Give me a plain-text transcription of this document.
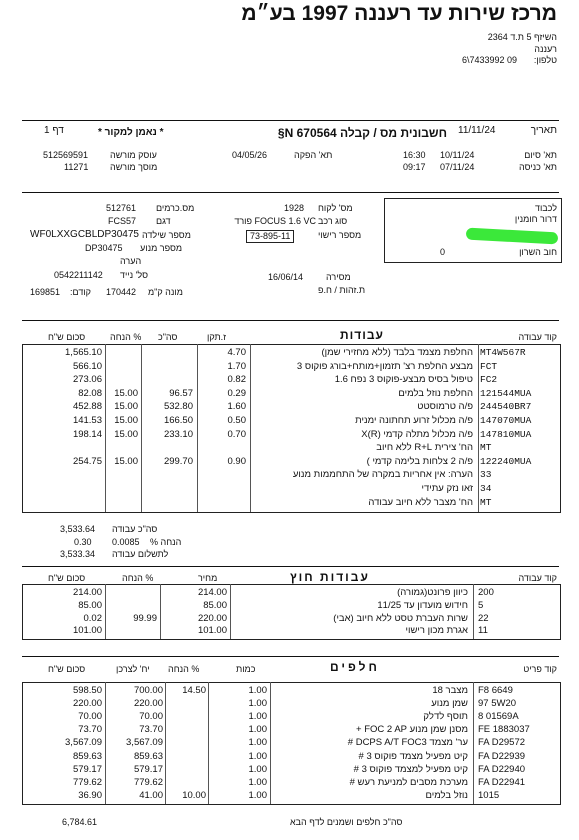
מרכז שירות עד רעננה 1997 בע״מ
השיזף 5 ת.ד 2364
רעננה
טלפון:
6\7433992 09
תאריך
11/11/24
חשבונית מס / קבלה 670564 N§
* נאמן למקור *
דף 1
תא' סיום
10/11/24
16:30
תא' כניסה
07/11/24
09:17
תא' הפקה
04/05/26
עוסק מורשה
512569591
מוסך מורשה
11271
לכבוד
דרור חומנין
חוב השרון
0
מס' לקוח
1928
סוג רכב
FOCUS 1.6 VC פורד
מספר רישוי
73-895-11
מס.כרמים
512761
דגם
FCS57
מספר שילדה
WF0LXXGCBLDP30475
מספר מנוע
DP30475
הערה
סל' נייד
0542211142
170442 מונה ק"מ
169851 קודם:
מסירה
16/06/14
ת.זהות / ח.פ
קוד עבודה
עבודות
ז.תקן
סה"כ
% הנחה
סכום ש"ח
MT4W567R
החלפת מצמד בלבד (ללא מחזירי שמן)
4.70
1,565.10
FCT
מבצע החלפת רצ' תזמון+מותח+בורג פוקוס 3
1.70
566.10
FC2
טיפול בסיס מבצע-פוקוס 3 נפח 1.6
0.82
273.06
121544MUA
החלפת נוזל בלמים
0.29
96.57
15.00
82.08
244540BR7
פ/ה טרמוסטט
1.60
532.80
15.00
452.88
147070MUA
פ/ה מכלול זרוע תחתונה ימנית
0.50
166.50
15.00
141.53
147810MUA
פ/ה מכלול מתלה קדמי X(R)
0.70
233.10
15.00
198.14
MT
הח' צירית R+L ללא חיוב
122240MUA
פ/ה 2 צלחות בלימה קדמי )
0.90
299.70
15.00
254.75
33
הערה: אין אחריות במקרה של התחממות מנוע
34
זאו נזק עתידי
MT
הח' מצבר ללא חיוב עבודה
3,533.64 סה"כ עבודה
0.30	הנחה %
0.0085
3,533.34 לתשלום עבודה
קוד עבודה
עבודות חוץ
מחיר
% הנחה
סכום ש"ח
200
כיוון פרונט(גמורה)
214.00
214.00
5
חידוש מועדון עד 11/25
85.00
85.00
22
שרות העברת טסט ללא חיוב (אבי)
220.00
99.99
0.02
11
אגרת מכון רישוי
101.00
101.00
קוד פריט
חלפים
כמות
% הנחה
יח' לצרכן
סכום ש"ח
F8 6649
מצבר 18
1.00
14.50
700.00
598.50
97 5W20
שמן מנוע
1.00
220.00
220.00
8 01569A
תוסף לדלק
1.00
70.00
70.00
FE 1883037
מסנן שמן מנוע FOC 2 AP +
1.00
73.70
73.70
FA D29572
ער' מצמד DCPS A/T FOC3 #
1.00
3,567.09
3,567.09
FA D22939
קיט מפעיל מצמד פוקוס 3 #
1.00
859.63
859.63
FA D22940
קיט מפעיל למצמד פוקוס 3 #
1.00
579.17
579.17
FA D22941
מערכת מסבים למניעת רעש #
1.00
779.62
779.62
1015
נוזל בלמים
1.00
10.00
41.00
36.90
6,784.61	סה"כ חלפים ושמנים לדף הבא
